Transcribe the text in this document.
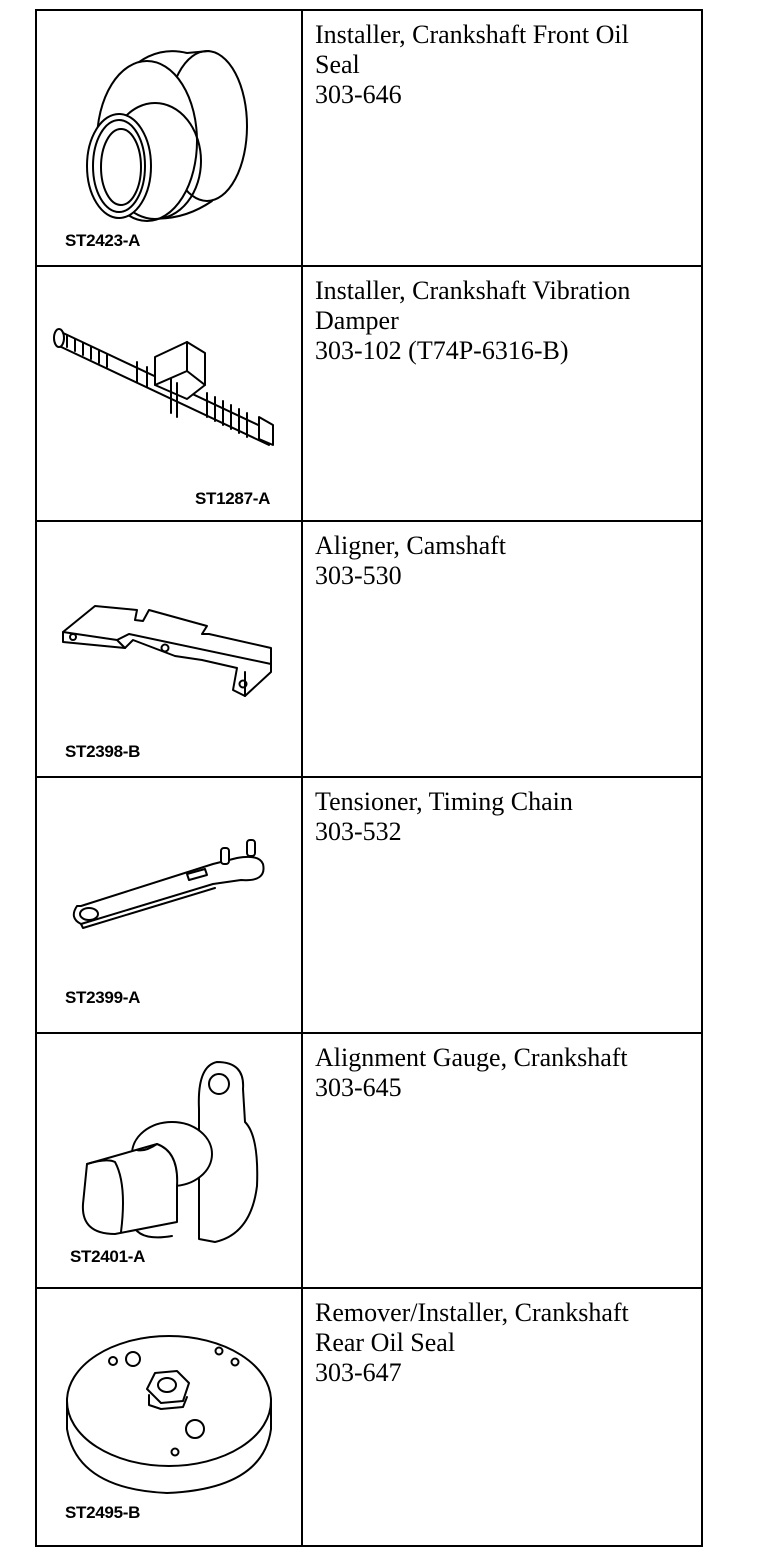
ST2423-A
Installer, Crankshaft Front Oil
Seal
303-646
ST1287-A
Installer, Crankshaft Vibration
Damper
303-102 (T74P-6316-B)
ST2398-B
Aligner, Camshaft
303-530
ST2399-A
Tensioner, Timing Chain
303-532
ST2401-A
Alignment Gauge, Crankshaft
303-645
ST2495-B
Remover/Installer, Crankshaft
Rear Oil Seal
303-647
